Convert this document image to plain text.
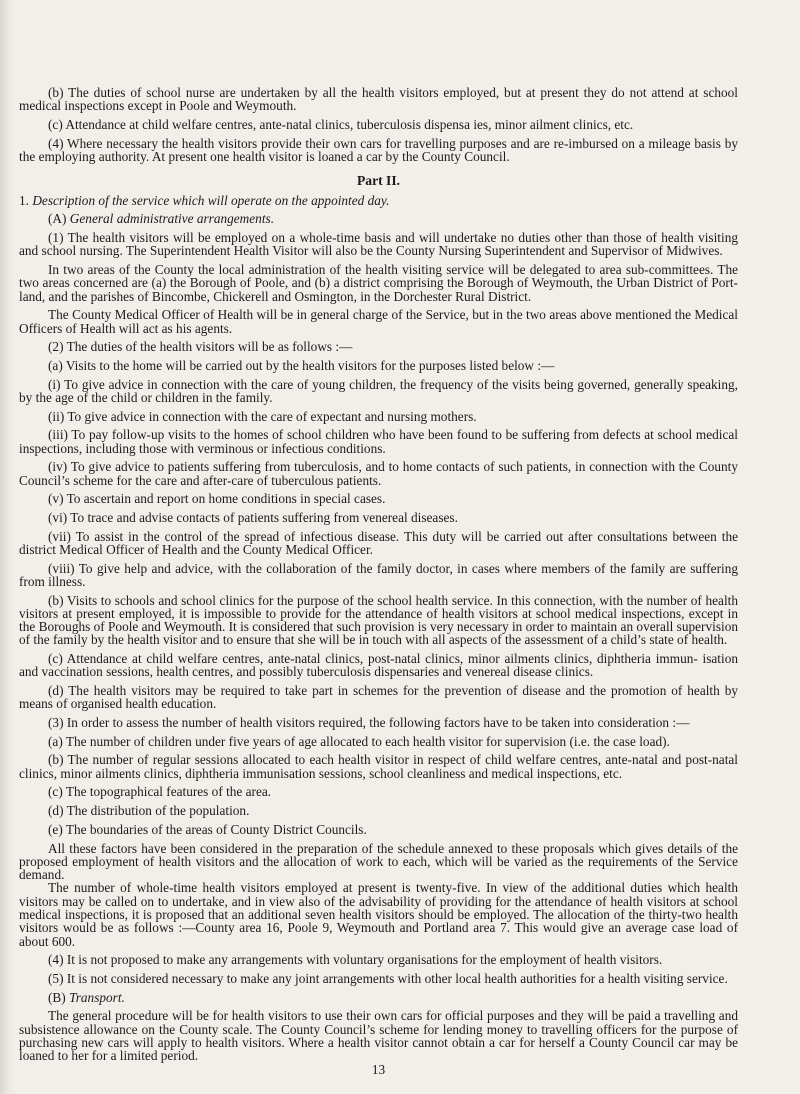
(b) The duties of school nurse are undertaken by all the health visitors employed, but at present they do not attend at school medical inspections except in Poole and Weymouth.

(c) Attendance at child welfare centres, ante-natal clinics, tuberculosis dispensa ies, minor ailment clinics, etc.

(4) Where necessary the health visitors provide their own cars for travelling purposes and are re-imbursed on a mileage basis by the employing authority. At present one health visitor is loaned a car by the County Council.

Part II.

1. Description of the service which will operate on the appointed day.

(A) General administrative arrangements.

(1) The health visitors will be employed on a whole-time basis and will undertake no duties other than those of health visiting and school nursing. The Superintendent Health Visitor will also be the County Nursing Superintendent and Supervisor of Midwives.

In two areas of the County the local administration of the health visiting service will be delegated to area sub-committees. The two areas concerned are (a) the Borough of Poole, and (b) a district comprising the Borough of Weymouth, the Urban District of Port- land, and the parishes of Bincombe, Chickerell and Osmington, in the Dorchester Rural District.

The County Medical Officer of Health will be in general charge of the Service, but in the two areas above mentioned the Medical Officers of Health will act as his agents.

(2) The duties of the health visitors will be as follows :—

(a) Visits to the home will be carried out by the health visitors for the purposes listed below :—

(i) To give advice in connection with the care of young children, the frequency of the visits being governed, generally speaking, by the age of the child or children in the family.

(ii) To give advice in connection with the care of expectant and nursing mothers.

(iii) To pay follow-up visits to the homes of school children who have been found to be suffering from defects at school medical inspections, including those with verminous or infectious conditions.

(iv) To give advice to patients suffering from tuberculosis, and to home contacts of such patients, in connection with the County Council’s scheme for the care and after-care of tuberculous patients.

(v) To ascertain and report on home conditions in special cases.

(vi) To trace and advise contacts of patients suffering from venereal diseases.

(vii) To assist in the control of the spread of infectious disease. This duty will be carried out after consultations between the district Medical Officer of Health and the County Medical Officer.

(viii) To give help and advice, with the collaboration of the family doctor, in cases where members of the family are suffering from illness.

(b) Visits to schools and school clinics for the purpose of the school health service. In this connection, with the number of health visitors at present employed, it is impossible to provide for the attendance of health visitors at school medical inspections, except in the Boroughs of Poole and Weymouth. It is considered that such provision is very necessary in order to maintain an overall supervision of the family by the health visitor and to ensure that she will be in touch with all aspects of the assessment of a child’s state of health.

(c) Attendance at child welfare centres, ante-natal clinics, post-natal clinics, minor ailments clinics, diphtheria immun- isation and vaccination sessions, health centres, and possibly tuberculosis dispensaries and venereal disease clinics.

(d) The health visitors may be required to take part in schemes for the prevention of disease and the promotion of health by means of organised health education.

(3) In order to assess the number of health visitors required, the following factors have to be taken into consideration :—

(a) The number of children under five years of age allocated to each health visitor for supervision (i.e. the case load).

(b) The number of regular sessions allocated to each health visitor in respect of child welfare centres, ante-natal and post-natal clinics, minor ailments clinics, diphtheria immunisation sessions, school cleanliness and medical inspections, etc.

(c) The topographical features of the area.

(d) The distribution of the population.

(e) The boundaries of the areas of County District Councils.

All these factors have been considered in the preparation of the schedule annexed to these proposals which gives details of the proposed employment of health visitors and the allocation of work to each, which will be varied as the requirements of the Service demand.

The number of whole-time health visitors employed at present is twenty-five. In view of the additional duties which health visitors may be called on to undertake, and in view also of the advisability of providing for the attendance of health visitors at school medical inspections, it is proposed that an additional seven health visitors should be employed. The allocation of the thirty-two health visitors would be as follows :—County area 16, Poole 9, Weymouth and Portland area 7. This would give an average case load of about 600.

(4) It is not proposed to make any arrangements with voluntary organisations for the employment of health visitors.

(5) It is not considered necessary to make any joint arrangements with other local health authorities for a health visiting service.

(B) Transport.

The general procedure will be for health visitors to use their own cars for official purposes and they will be paid a travelling and subsistence allowance on the County scale. The County Council’s scheme for lending money to travelling officers for the purpose of purchasing new cars will apply to health visitors. Where a health visitor cannot obtain a car for herself a County Council car may be loaned to her for a limited period.

13
